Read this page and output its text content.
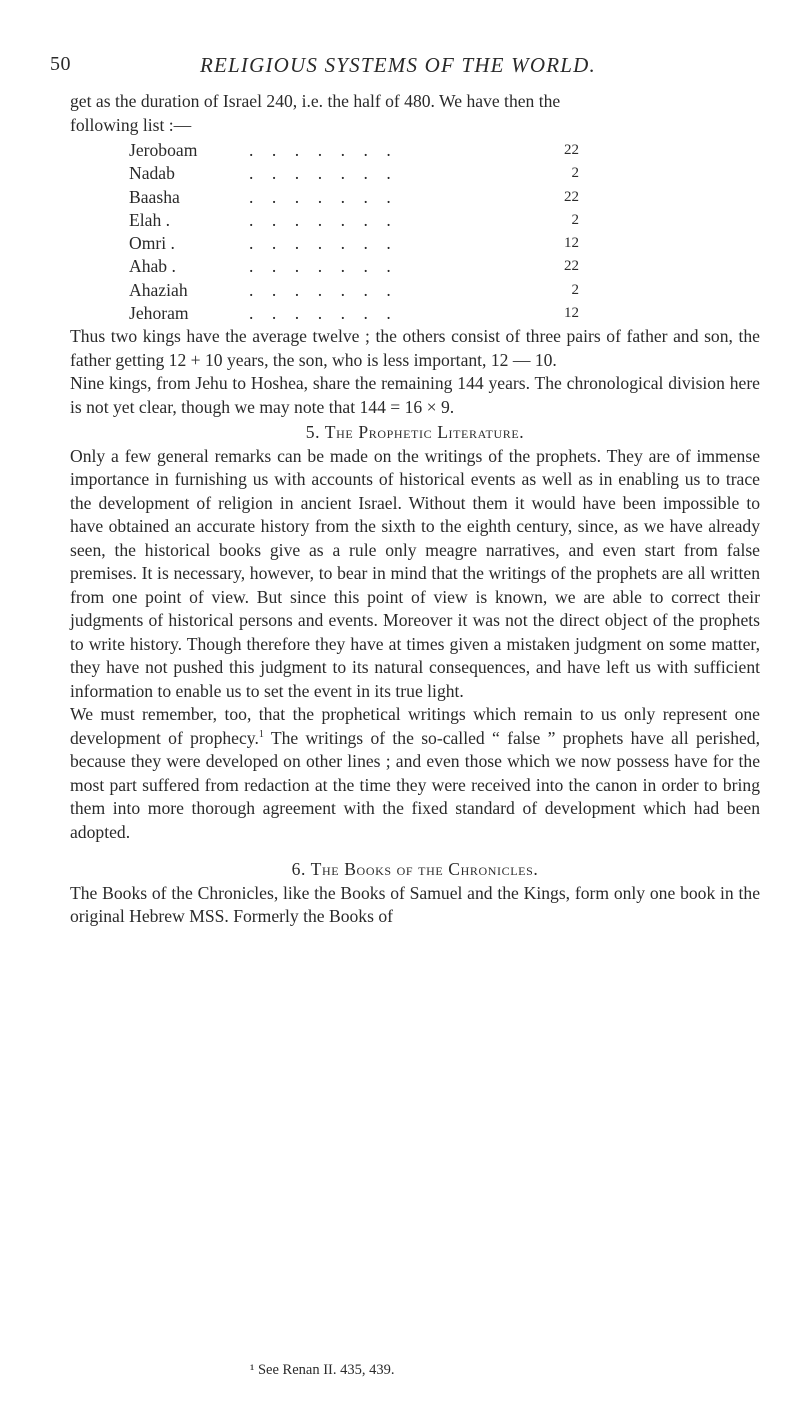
50	RELIGIOUS SYSTEMS OF THE WORLD.

get as the duration of Israel 240, i.e. the half of 480. We have then the

following list :—

Jeroboam	.......	22
Nadab	.......	2
Baasha	.......	22
Elah .	.......	2
Omri .	.......	12
Ahab .	.......	22
Ahaziah	.......	2
Jehoram	.......	12

Thus two kings have the average twelve ; the others consist of three pairs of father and son, the father getting 12 + 10 years, the son, who is less important, 12 — 10.

Nine kings, from Jehu to Hoshea, share the remaining 144 years. The chronological division here is not yet clear, though we may note that 144 = 16 × 9.

5. The Prophetic Literature.

Only a few general remarks can be made on the writings of the prophets. They are of immense importance in furnishing us with accounts of historical events as well as in enabling us to trace the development of religion in ancient Israel. Without them it would have been impossible to have obtained an accurate history from the sixth to the eighth century, since, as we have already seen, the historical books give as a rule only meagre narratives, and even start from false premises. It is necessary, however, to bear in mind that the writings of the prophets are all written from one point of view. But since this point of view is known, we are able to correct their judgments of historical persons and events. Moreover it was not the direct object of the prophets to write history. Though therefore they have at times given a mistaken judgment on some matter, they have not pushed this judgment to its natural consequences, and have left us with sufficient information to enable us to set the event in its true light.

We must remember, too, that the prophetical writings which remain to us only represent one development of prophecy.$^1$ The writings of the so-called “ false ” prophets have all perished, because they were developed on other lines ; and even those which we now possess have for the most part suffered from redaction at the time they were received into the canon in order to bring them into more thorough agreement with the fixed standard of development which had been adopted.

6. The Books of the Chronicles.

The Books of the Chronicles, like the Books of Samuel and the Kings, form only one book in the original Hebrew MSS. Formerly the Books of

¹ See Renan II. 435, 439.
